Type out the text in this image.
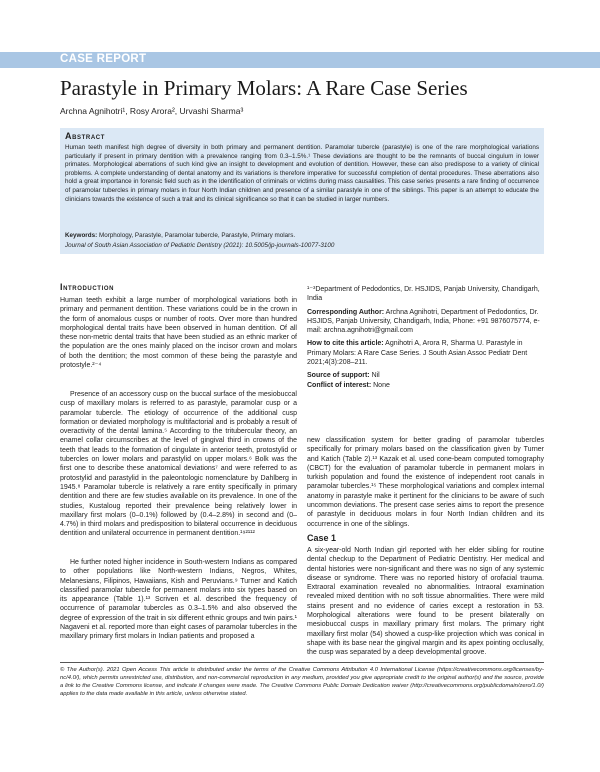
CASE REPORT
Parastyle in Primary Molars: A Rare Case Series
Archna Agnihotri¹, Rosy Arora², Urvashi Sharma³
Abstract
Human teeth manifest high degree of diversity in both primary and permanent dentition. Paramolar tubercle (parastyle) is one of the rare morphological variations particularly if present in primary dentition with a prevalence ranging from 0.3–1.5%.¹ These deviations are thought to be the remnants of buccal cingulum in lower primates. Morphological aberrations of such kind give an insight to development and evolution of dentition. However, these can also predispose to a variety of clinical problems. A complete understanding of dental anatomy and its variations is therefore imperative for successful completion of dental procedures. These aberrations also hold a great importance in forensic field such as in the identification of criminals or victims during mass causalities. This case series presents a rare finding of occurrence of paramolar tubercles in primary molars in four North Indian children and presence of a similar parastyle in one of the siblings. This paper is an attempt to educate the clinicians towards the existence of such a trait and its clinical significance so that it can be studied in larger numbers.
Keywords: Morphology, Parastyle, Paramolar tubercle, Parastyle, Primary molars.
Journal of South Asian Association of Pediatric Dentistry (2021): 10.5005/jp-journals-10077-3100
Introduction
Human teeth exhibit a large number of morphological variations both in primary and permanent dentition. These variations could be in the crown in the form of anomalous cusps or number of roots. Over more than hundred morphological dental traits have been observed in human dentition. Of all these non-metric dental traits that have been studied as an ethnic marker of the population are the ones mainly placed on the incisor crown and molars of both the dentition; the most common of these being the parastyle and protostyle.²⁻⁴
Presence of an accessory cusp on the buccal surface of the mesiobuccal cusp of maxillary molars is referred to as parastyle, paramolar cusp or a paramolar tubercle. The etiology of occurrence of the additional cusp formation or deviated morphology is multifactorial and is probably a result of overactivity of the dental lamina.⁵ According to the tritubercular theory, an enamel collar circumscribes at the level of gingival third in crowns of the teeth that leads to the formation of cingulate in anterior teeth, protostylid or tubercles on lower molars and parastylid on upper molars.⁶ Bolk was the first one to describe these anatomical deviations⁷ and were referred to as protostylid and parastylid in the paleontologic nomenclature by Dahlberg in 1945.⁸ Paramolar tubercle is relatively a rare entity specifically in primary dentition and there are few studies available on its prevalence. In one of the studies, Kustaloug reported their prevalence being relatively lower in maxillary first molars (0–0.1%) followed by (0.4–2.8%) in second and (0–4.7%) in third molars and predisposition to bilateral occurrence in deciduous dentition and unilateral occurrence in permanent dentition.¹⁹²¹¹²
He further noted higher incidence in South-western Indians as compared to other populations like North-western Indians, Negros, Whites, Melanesians, Filipinos, Hawaiians, Kish and Peruvians.⁹ Turner and Katich classified paramolar tubercle for permanent molars into six types based on its appearance (Table 1).¹³ Scriven et al. described the frequency of occurrence of paramolar tubercles as 0.3–1.5% and also observed the degree of expression of the trait in six different ethnic groups and twin pairs.¹ Nagaveni et al. reported more than eight cases of paramolar tubercles in the maxillary primary first molars in Indian patients and proposed a

¹⁻³Department of Pedodontics, Dr. HSJIDS, Panjab University, Chandigarh, India

Corresponding Author: Archna Agnihotri, Department of Pedodontics, Dr. HSJIDS, Panjab University, Chandigarh, India, Phone: +91 9876075774, e-mail: archna.agnihotri@gmail.com

How to cite this article: Agnihotri A, Arora R, Sharma U. Parastyle in Primary Molars: A Rare Case Series. J South Asian Assoc Pediatr Dent 2021;4(3):208–211.

Source of support: Nil

Conflict of interest: None

new classification system for better grading of paramolar tubercles specifically for primary molars based on the classification given by Turner and Katich (Table 2).¹³ Kazak et al. used cone-beam computed tomography (CBCT) for the evaluation of paramolar tubercle in permanent molars in turkish population and found the existence of independent root canals in paramolar tubercles.¹⁵ These morphological variations and complex internal anatomy in parastyle make it pertinent for the clinicians to be aware of such uncommon deviations. The present case series aims to report the presence of parastyle in deciduous molars in four North Indian children and its occurrence in one of the siblings.
Case 1
A six-year-old North Indian girl reported with her elder sibling for routine dental checkup to the Department of Pediatric Dentistry. Her medical and dental histories were non-significant and there was no sign of any systemic disease or syndrome. There was no reported history of orofacial trauma. Extraoral examination revealed no abnormalities. Intraoral examination revealed mixed dentition with no soft tissue abnormalities. There were mild stains present and no evidence of caries except a restoration in 53. Morphological alterations were found to be present bilaterally on mesiobuccal cusps in maxillary primary first molars. The primary right maxillary first molar (54) showed a cusp-like projection which was conical in shape with its base near the gingival margin and its apex pointing occlusally, the cusp was separated by a deep developmental groove.
© The Author(s). 2021 Open Access This article is distributed under the terms of the Creative Commons Attribution 4.0 International License (https://creativecommons.org/licenses/by-nc/4.0/), which permits unrestricted use, distribution, and non-commercial reproduction in any medium, provided you give appropriate credit to the original author(s) and the source, provide a link to the Creative Commons license, and indicate if changes were made. The Creative Commons Public Domain Dedication waiver (http://creativecommons.org/publicdomain/zero/1.0/) applies to the data made available in this article, unless otherwise stated.
